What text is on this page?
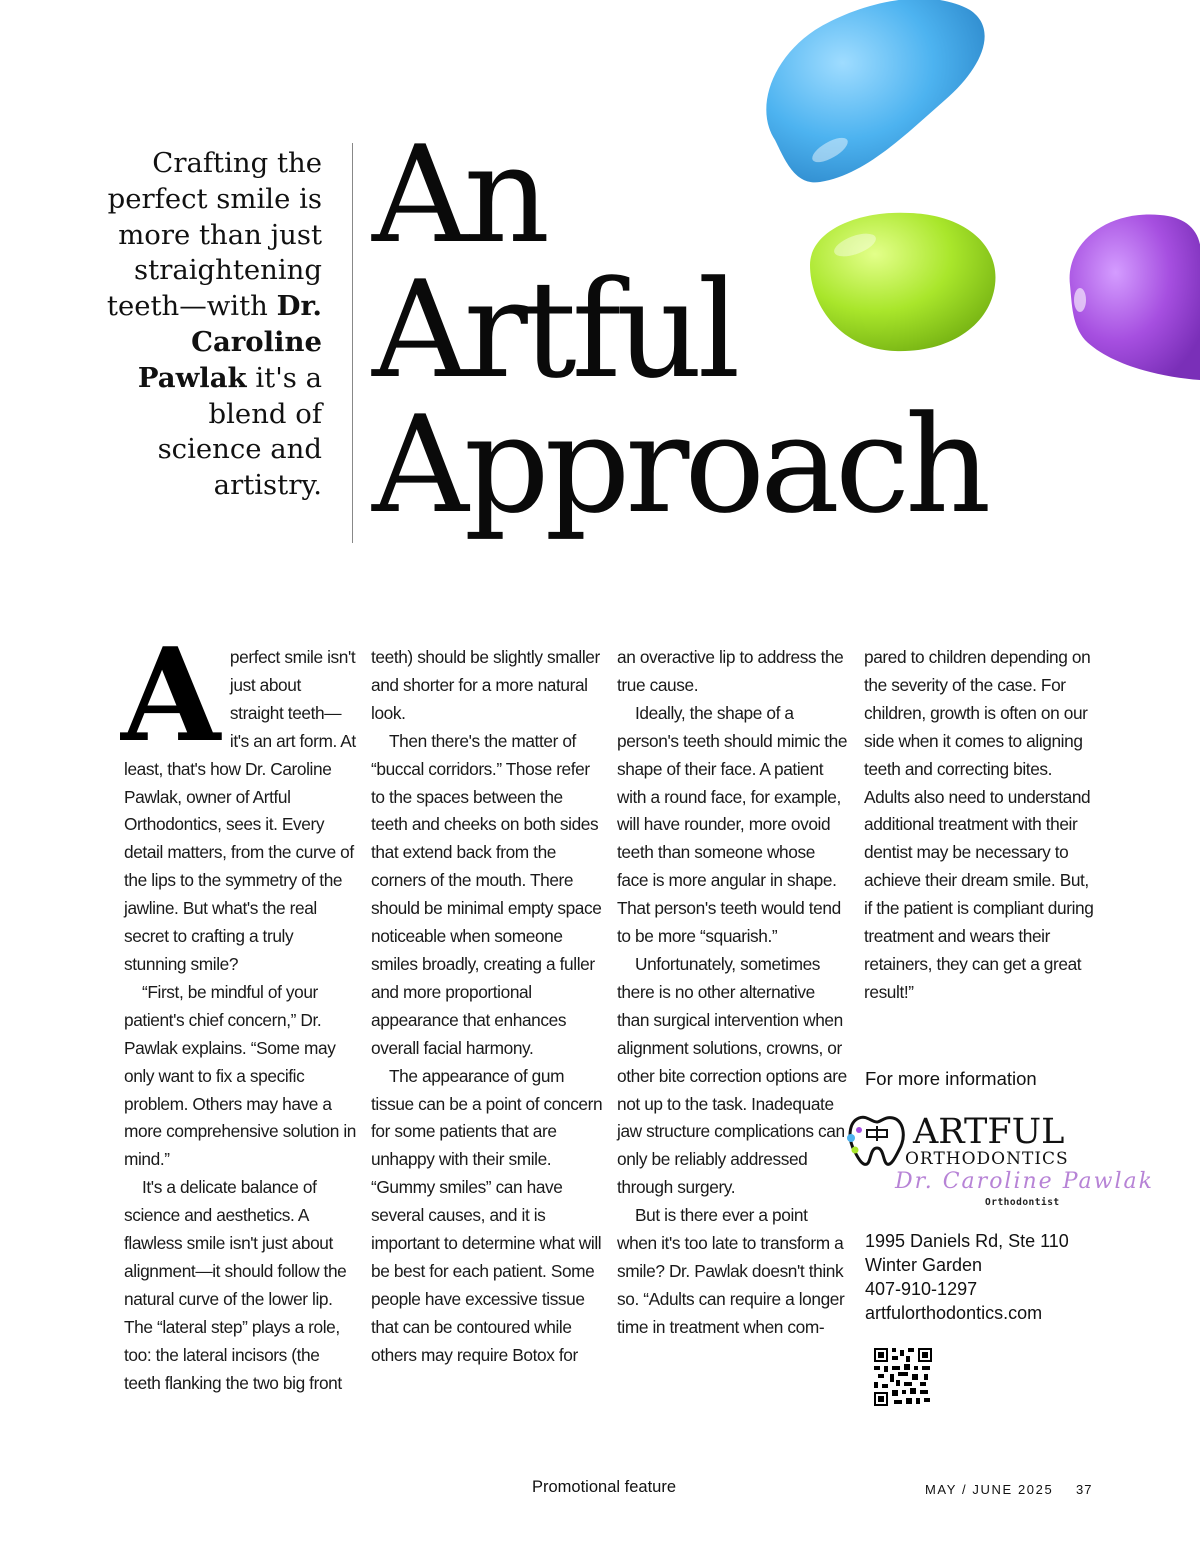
Crafting the perfect smile is more than just straightening teeth—with Dr. Caroline Pawlak it's a blend of science and artistry.
An
Artful
Approach

Aperfect smile isn't just about straight teeth—it's an art form. At least, that's how Dr. Caroline Pawlak, owner of Artful Orthodontics, sees it. Every detail matters, from the curve of the lips to the symmetry of the jawline. But what's the real secret to crafting a truly stunning smile?

“First, be mindful of your patient's chief concern,” Dr. Pawlak explains. “Some may only want to fix a specific problem. Others may have a more comprehensive solution in mind.”

It's a delicate balance of science and aesthetics. A flawless smile isn't just about alignment—it should follow the natural curve of the lower lip. The “lateral step” plays a role, too: the lateral incisors (the teeth flanking the two big front

teeth) should be slightly smaller and shorter for a more natural look.

Then there's the matter of “buccal corridors.” Those refer to the spaces between the teeth and cheeks on both sides that extend back from the corners of the mouth. There should be minimal empty space noticeable when someone smiles broadly, creating a fuller and more proportional appearance that enhances overall facial harmony.

The appearance of gum tissue can be a point of concern for some patients that are unhappy with their smile. “Gummy smiles” can have several causes, and it is important to determine what will be best for each patient. Some people have excessive tissue that can be contoured while others may require Botox for

an overactive lip to address the true cause.

Ideally, the shape of a person's teeth should mimic the shape of their face. A patient with a round face, for example, will have rounder, more ovoid teeth than someone whose face is more angular in shape. That person's teeth would tend to be more “squarish.”

Unfortunately, sometimes there is no other alternative than surgical intervention when alignment solutions, crowns, or other bite correction options are not up to the task. Inadequate jaw structure complications can only be reliably addressed through surgery.

But is there ever a point when it's too late to transform a smile? Dr. Pawlak doesn't think so. “Adults can require a longer time in treatment when com-

pared to children depending on the severity of the case. For children, growth is often on our side when it comes to aligning teeth and correcting bites. Adults also need to understand additional treatment with their dentist may be necessary to achieve their dream smile. But, if the patient is compliant during treatment and wears their retainers, they can get a great result!”

For more information
ARTFUL
ORTHODONTICS
Dr. Caroline Pawlak
Orthodontist
1995 Daniels Rd, Ste 110
Winter Garden
407-910-1297
artfulorthodontics.com
Promotional feature	MAY / JUNE 2025 37
